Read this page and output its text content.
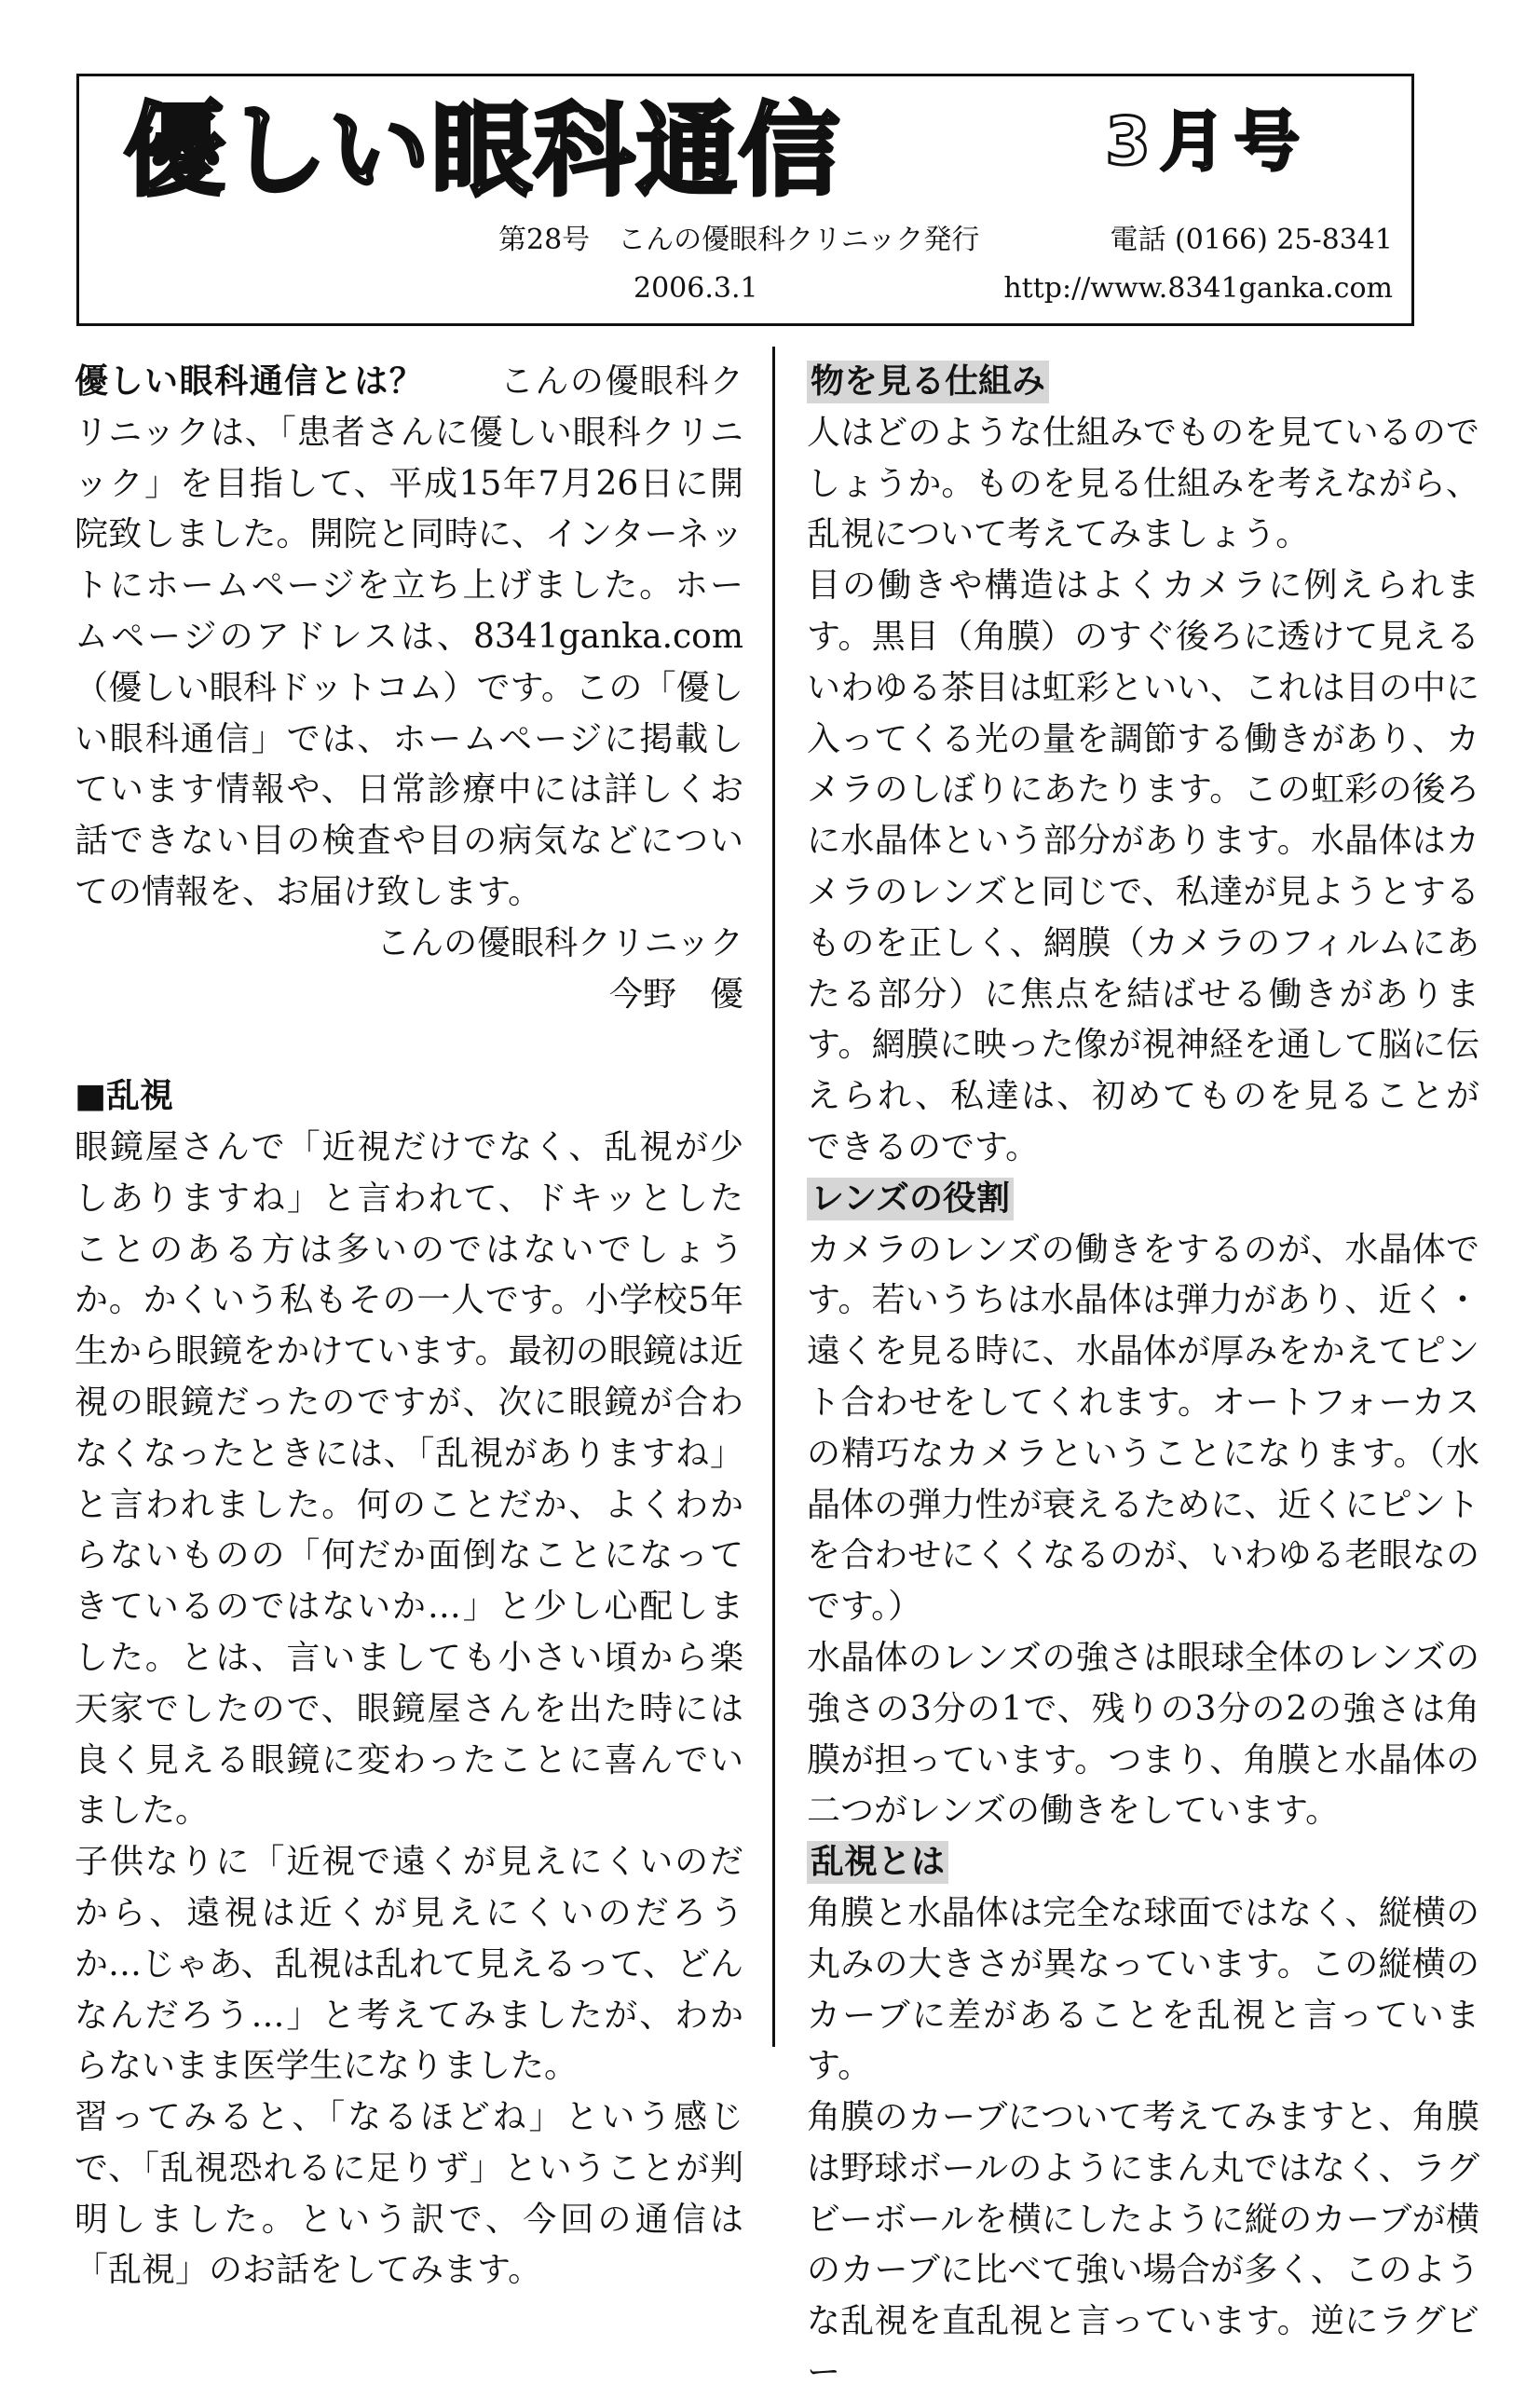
優しい眼科通信	3月号
第28号　こんの優眼科クリニック発行	電話 (0166) 25-8341
2006.3.1	http://www.8341ganka.com

優しい眼科通信とは？ こんの優眼科クリニックは、「患者さんに優しい眼科クリニック」を目指して、平成15年7月26日に開院致しました。開院と同時に、インターネットにホームページを立ち上げました。ホームページのアドレスは、8341ganka.com（優しい眼科ドットコム）です。この「優しい眼科通信」では、ホームページに掲載しています情報や、日常診療中には詳しくお話できない目の検査や目の病気などについての情報を、お届け致します。

こんの優眼科クリニック

今野　優

■乱視

眼鏡屋さんで「近視だけでなく、乱視が少しありますね」と言われて、ドキッとしたことのある方は多いのではないでしょうか。かくいう私もその一人です。小学校5年生から眼鏡をかけています。最初の眼鏡は近視の眼鏡だったのですが、次に眼鏡が合わなくなったときには、「乱視がありますね」と言われました。何のことだか、よくわからないものの「何だか面倒なことになってきているのではないか…」と少し心配しました。とは、言いましても小さい頃から楽天家でしたので、眼鏡屋さんを出た時には良く見える眼鏡に変わったことに喜んでいました。

子供なりに「近視で遠くが見えにくいのだから、遠視は近くが見えにくいのだろうか…じゃあ、乱視は乱れて見えるって、どんなんだろう…」と考えてみましたが、わからないまま医学生になりました。

習ってみると、「なるほどね」という感じで、「乱視恐れるに足りず」ということが判明しました。という訳で、今回の通信は「乱視」のお話をしてみます。

物を見る仕組み

人はどのような仕組みでものを見ているのでしょうか。ものを見る仕組みを考えながら、乱視について考えてみましょう。

目の働きや構造はよくカメラに例えられます。黒目（角膜）のすぐ後ろに透けて見えるいわゆる茶目は虹彩といい、これは目の中に入ってくる光の量を調節する働きがあり、カメラのしぼりにあたります。この虹彩の後ろに水晶体という部分があります。水晶体はカメラのレンズと同じで、私達が見ようとするものを正しく、網膜（カメラのフィルムにあたる部分）に焦点を結ばせる働きがあります。網膜に映った像が視神経を通して脳に伝えられ、私達は、初めてものを見ることができるのです。

レンズの役割

カメラのレンズの働きをするのが、水晶体です。若いうちは水晶体は弾力があり、近く・遠くを見る時に、水晶体が厚みをかえてピント合わせをしてくれます。オートフォーカスの精巧なカメラということになります。（水晶体の弾力性が衰えるために、近くにピントを合わせにくくなるのが、いわゆる老眼なのです。）

水晶体のレンズの強さは眼球全体のレンズの強さの3分の1で、残りの3分の2の強さは角膜が担っています。つまり、角膜と水晶体の二つがレンズの働きをしています。

乱視とは

角膜と水晶体は完全な球面ではなく、縦横の丸みの大きさが異なっています。この縦横のカーブに差があることを乱視と言っています。

角膜のカーブについて考えてみますと、角膜は野球ボールのようにまん丸ではなく、ラグビーボールを横にしたように縦のカーブが横のカーブに比べて強い場合が多く、このような乱視を直乱視と言っています。逆にラグビー
